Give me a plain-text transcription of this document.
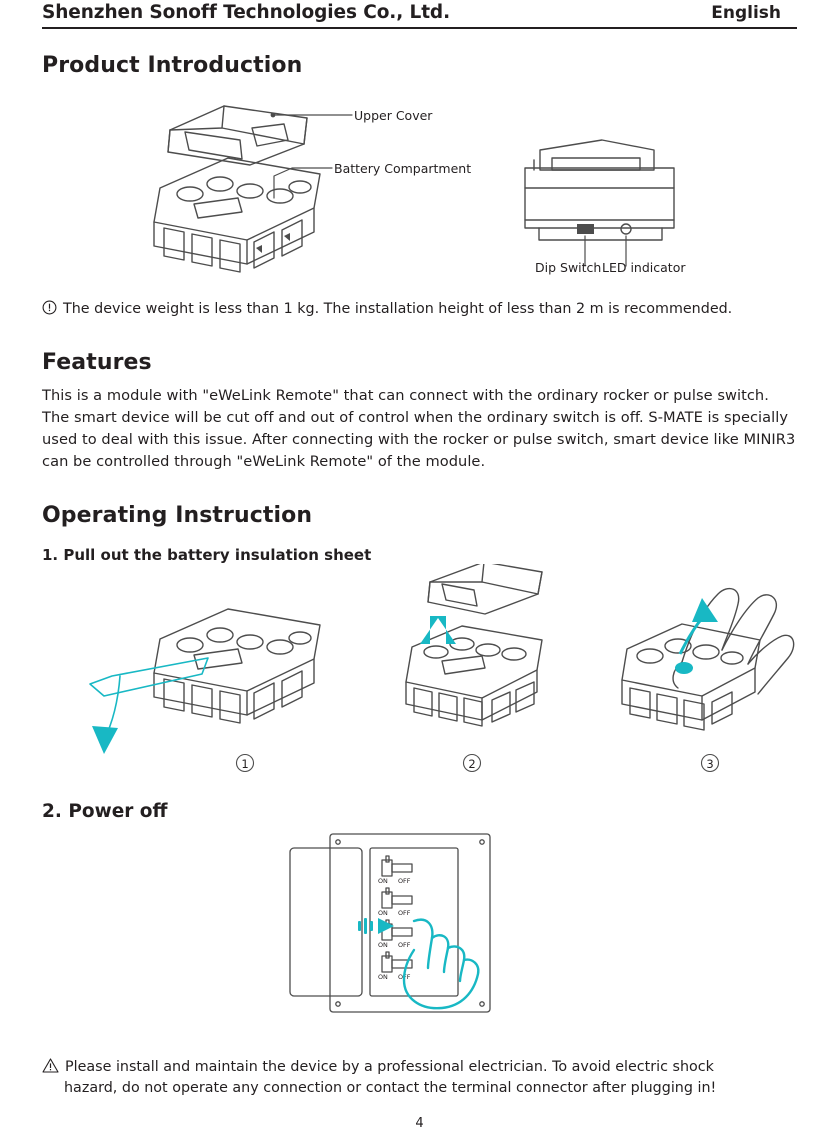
Shenzhen Sonoff Technologies Co., Ltd.	English
Product Introduction
Upper Cover
Battery Compartment
Dip Switch LED indicator
The device weight is less than 1 kg. The installation height of less than 2 m is recommended.
Features

This is a module with "eWeLink Remote" that can connect with the ordinary rocker or pulse switch. The smart device will be cut off and out of control when the ordinary switch is off. S-MATE is specially used to deal with this issue. After connecting with the rocker or pulse switch, smart device like MINIR3 can be controlled through "eWeLink Remote" of the module.

Operating Instruction
1. Pull out the battery insulation sheet
1	2	3
2. Power off
ON OFF
ON OFF
ON OFF
ON OFF
Please install and maintain the device by a professional electrician. To avoid electric shock
hazard, do not operate any connection or contact the terminal connector after plugging in!
4
